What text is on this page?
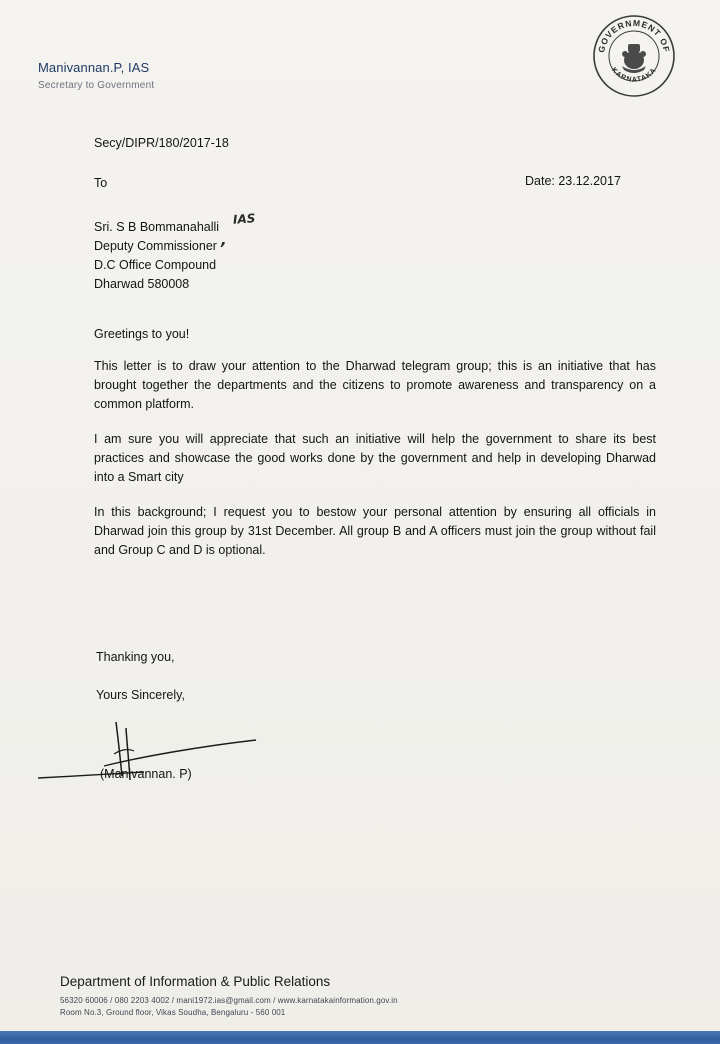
Manivannan.P, IAS
Secretary to Government
GOVERNMENT OF
KARNATAKA
Secy/DIPR/180/2017-18
To	Date: 23.12.2017
Sri. S B Bommanahalli
Deputy Commissioner
D.C Office Compound
Dharwad 580008
,
IAS
Greetings to you!
This letter is to draw your attention to the Dharwad telegram group; this is an initiative that has brought together the departments and the citizens to promote awareness and transparency on a common platform.
I am sure you will appreciate that such an initiative will help the government to share its best practices and showcase the good works done by the government and help in developing Dharwad into a Smart city
In this background; I request you to bestow your personal attention by ensuring all officials in Dharwad join this group by 31st December. All group B and A officers must join the group without fail and Group C and D is optional.
Thanking you,
Yours Sincerely,
(Manivannan. P)
Department of Information & Public Relations
56320 60006 / 080 2203 4002 / mani1972.ias@gmail.com / www.karnatakainformation.gov.in
Room No.3, Ground floor, Vikas Soudha, Bengaluru - 560 001
